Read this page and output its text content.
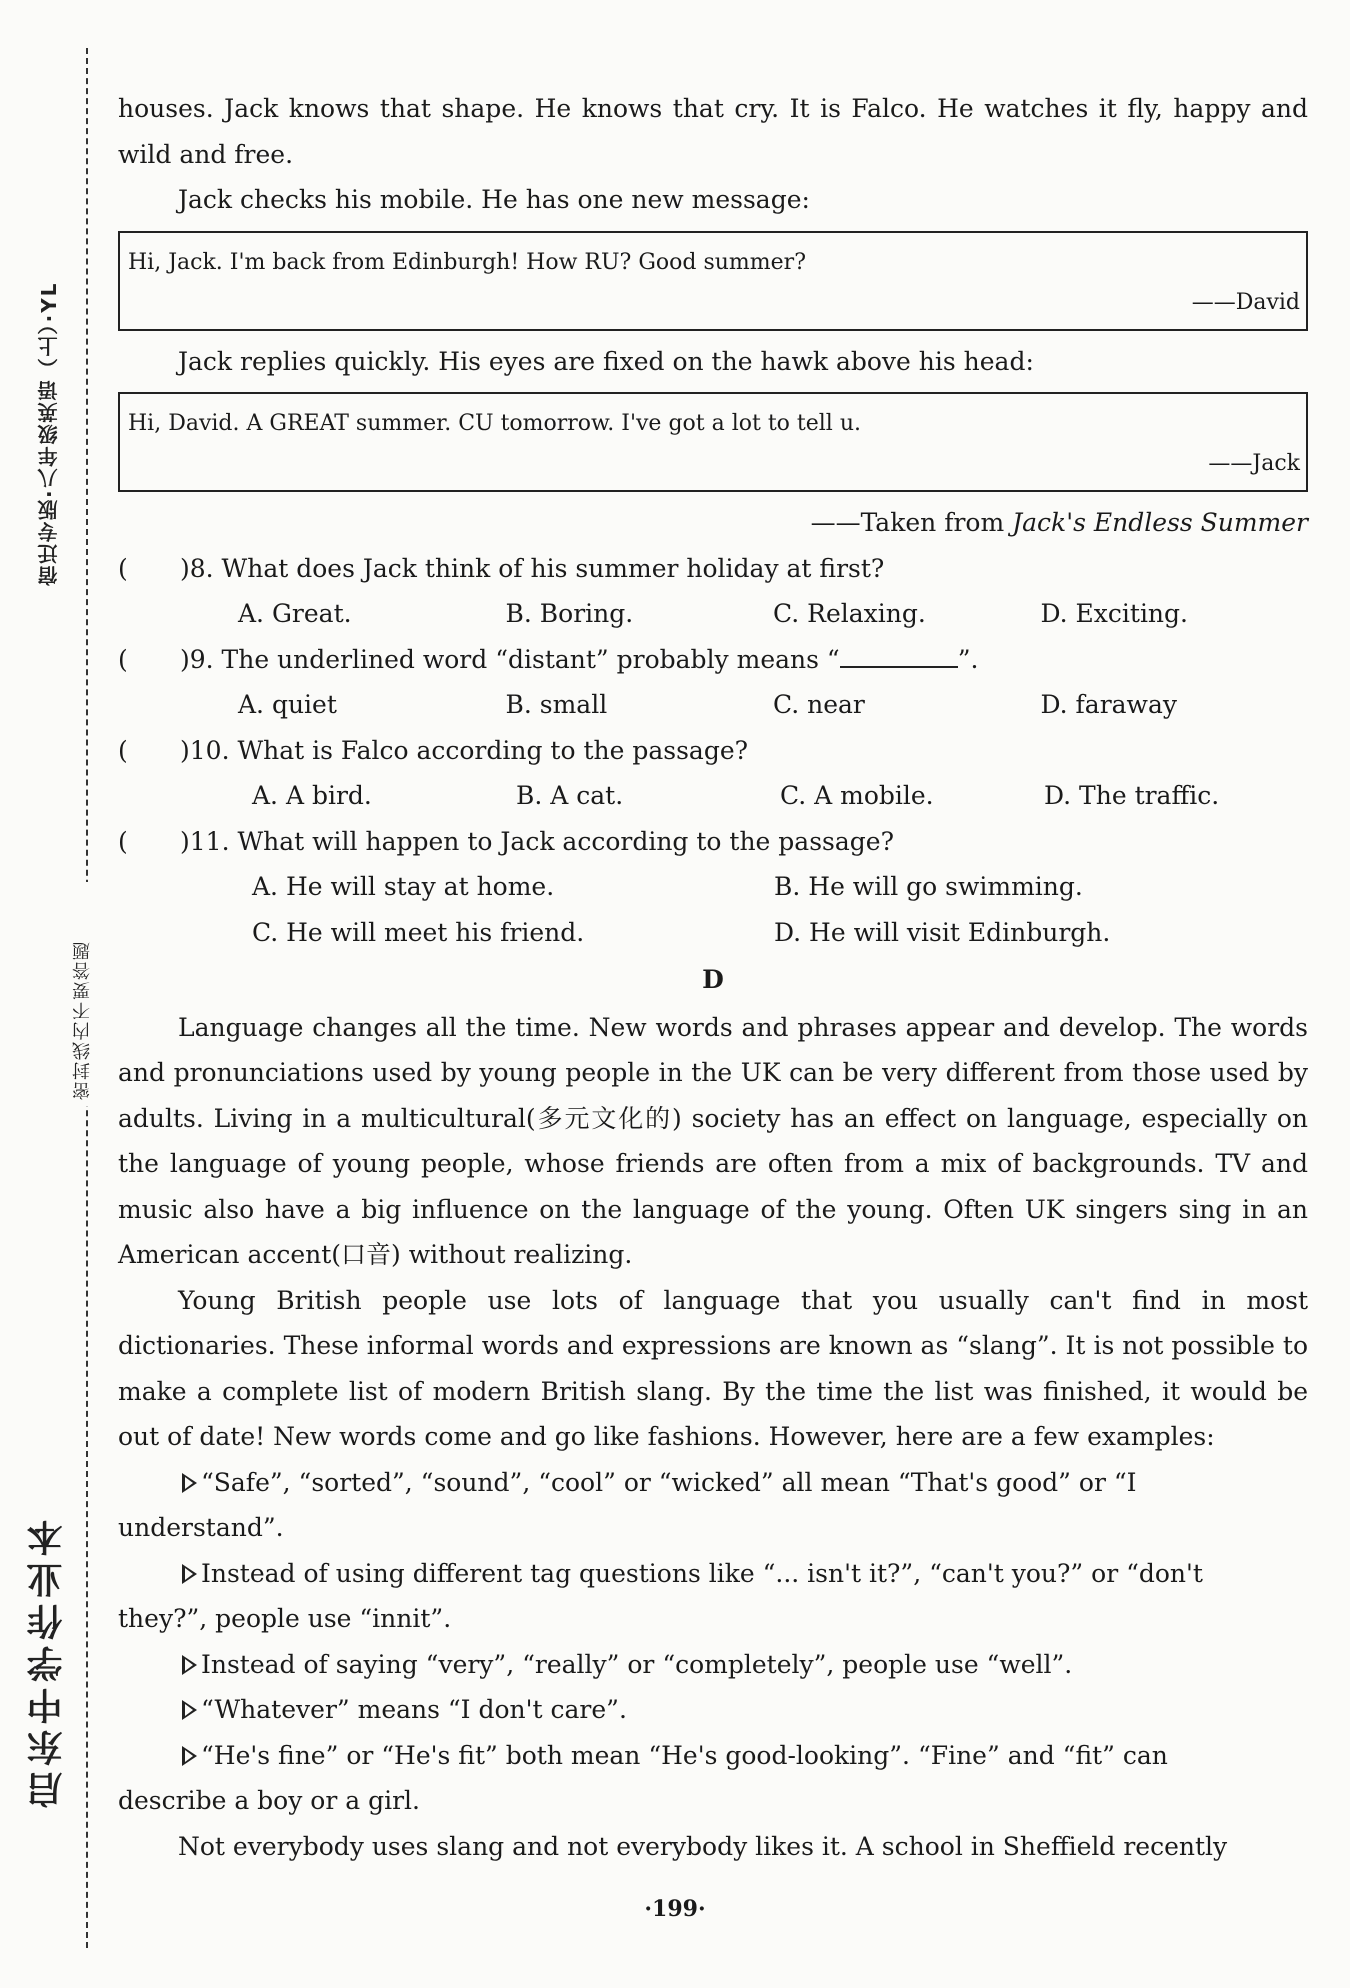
宿迁专版·八年级英语（上）·YL
密封线内不要答题
启东中学作业本

houses. Jack knows that shape. He knows that cry. It is Falco. He watches it fly, happy and wild and free.

Jack checks his mobile. He has one new message:

Hi, Jack. I'm back from Edinburgh! How RU? Good summer?
——David

Jack replies quickly. His eyes are fixed on the hawk above his head:

Hi, David. A GREAT summer. CU tomorrow. I've got a lot to tell u.
——Jack

——Taken from Jack's Endless Summer

( )8. What does Jack think of his summer holiday at first?
A. Great.	B. Boring.	C. Relaxing.	D. Exciting.
( )9. The underlined word “distant” probably means “	”.
A. quiet	B. small	C. near	D. faraway
( )10. What is Falco according to the passage?
A. A bird.	B. A cat.	C. A mobile.	D. The traffic.
( )11. What will happen to Jack according to the passage?
A. He will stay at home.	B. He will go swimming.
C. He will meet his friend.	D. He will visit Edinburgh.
D

Language changes all the time. New words and phrases appear and develop. The words and pronunciations used by young people in the UK can be very different from those used by adults. Living in a multicultural(多元文化的) society has an effect on language, especially on the language of young people, whose friends are often from a mix of backgrounds. TV and music also have a big influence on the language of the young. Often UK singers sing in an American accent(口音) without realizing.

Young British people use lots of language that you usually can't find in most dictionaries. These informal words and expressions are known as “slang”. It is not possible to make a complete list of modern British slang. By the time the list was finished, it would be out of date! New words come and go like fashions. However, here are a few examples:

“Safe”, “sorted”, “sound”, “cool” or “wicked” all mean “That's good” or “I

understand”.

Instead of using different tag questions like “... isn't it?”, “can't you?” or “don't

they?”, people use “innit”.

Instead of saying “very”, “really” or “completely”, people use “well”.

“Whatever” means “I don't care”.

“He's fine” or “He's fit” both mean “He's good-looking”. “Fine” and “fit” can

describe a boy or a girl.

Not everybody uses slang and not everybody likes it. A school in Sheffield recently

·199·
